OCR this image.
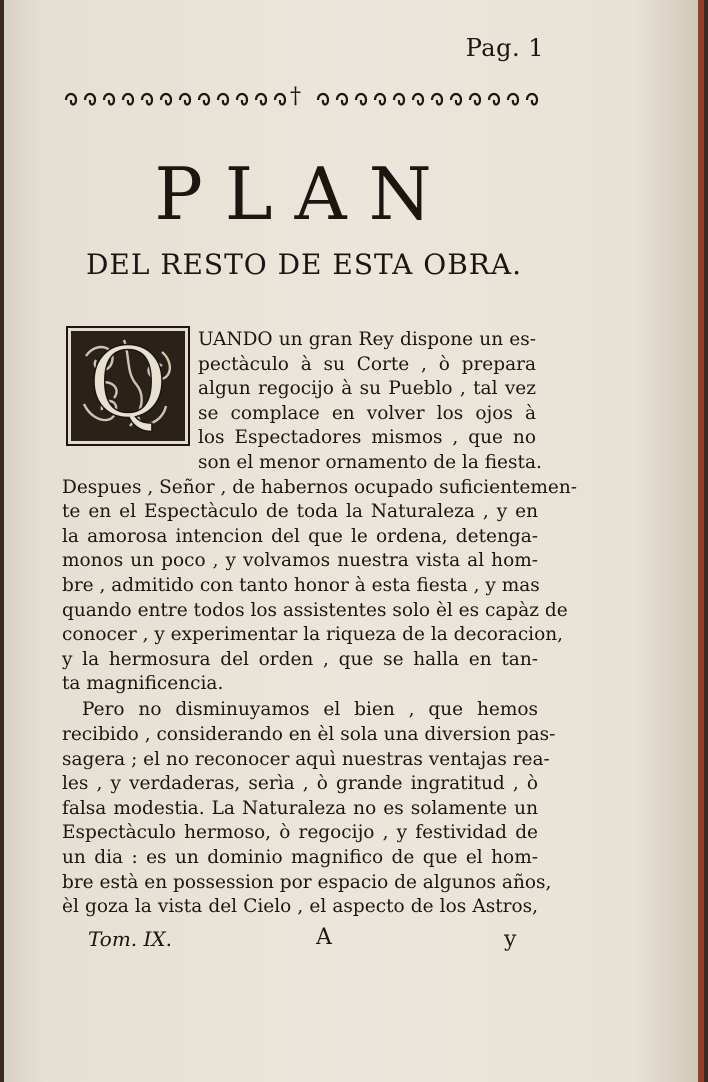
Pag. 1
†
PLAN
DEL RESTO DE ESTA OBRA.
Q UANDO un gran Rey dispone un es-
pectàculo à su Corte , ò prepara
algun regocijo à su Pueblo , tal vez
se complace en volver los ojos à
los Espectadores mismos , que no
son el menor ornamento de la fiesta.
Despues , Señor , de habernos ocupado suficientemen-
te en el Espectàculo de toda la Naturaleza , y en
la amorosa intencion del que le ordena, detenga-
monos un poco , y volvamos nuestra vista al hom-
bre , admitido con tanto honor à esta fiesta , y mas
quando entre todos los assistentes solo èl es capàz de
conocer , y experimentar la riqueza de la decoracion,
y la hermosura del orden , que se halla en tan-
ta magnificencia.
Pero no disminuyamos el bien , que hemos
recibido , considerando en èl sola una diversion pas-
sagera ; el no reconocer aquì nuestras ventajas rea-
les , y verdaderas, serìa , ò grande ingratitud , ò
falsa modestia. La Naturaleza no es solamente un
Espectàculo hermoso, ò regocijo , y festividad de
un dia : es un dominio magnifico de que el hom-
bre està en possession por espacio de algunos años,
èl goza la vista del Cielo , el aspecto de los Astros,
Tom. IX.	A	y
